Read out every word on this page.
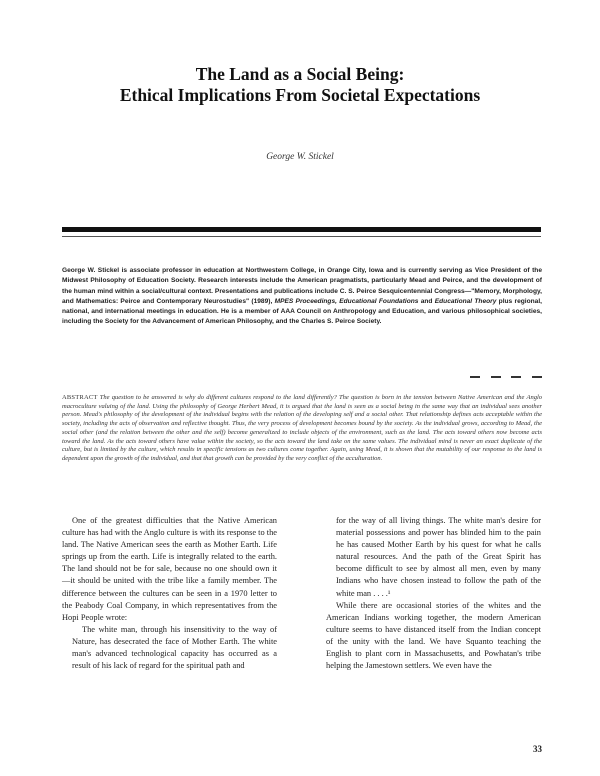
The Land as a Social Being:
Ethical Implications From Societal Expectations

George W. Stickel

George W. Stickel is associate professor in education at Northwestern College, in Orange City, Iowa and is currently serving as Vice President of the Midwest Philosophy of Education Society. Research interests include the American pragmatists, particularly Mead and Peirce, and the development of the human mind within a social/cultural context. Presentations and publications include C. S. Peirce Sesquicentennial Congress—"Memory, Morphology, and Mathematics: Peirce and Contemporary Neurostudies" (1989), MPES Proceedings, Educational Foundations and Educational Theory plus regional, national, and international meetings in education. He is a member of AAA Council on Anthropology and Education, and various philosophical societies, including the Society for the Advancement of American Philosophy, and the Charles S. Peirce Society.

ABSTRACT The question to be answered is why do different cultures respond to the land differently? The question is born in the tension between Native American and the Anglo macroculture valuing of the land. Using the philosophy of George Herbert Mead, it is argued that the land is seen as a social being in the same way that an individual sees another person. Mead's philosophy of the development of the individual begins with the relation of the developing self and a social other. That relationship defines acts acceptable within the society, including the acts of observation and reflective thought. Thus, the very process of development becomes bound by the society. As the individual grows, according to Mead, the social other (and the relation between the other and the self) become generalized to include objects of the environment, such as the land. The acts toward others now become acts toward the land. As the acts toward others have value within the society, so the acts toward the land take on the same values. The individual mind is never an exact duplicate of the culture, but is limited by the culture, which results in specific tensions as two cultures come together. Again, using Mead, it is shown that the mutability of our response to the land is dependent upon the growth of the individual, and that that growth can be provided by the very conflict of the acculturation.

One of the greatest difficulties that the Native American culture has had with the Anglo culture is with its response to the land. The Native American sees the earth as Mother Earth. Life springs up from the earth. Life is integrally related to the earth. The land should not be for sale, because no one should own it—it should be united with the tribe like a family member. The difference between the cultures can be seen in a 1970 letter to the Peabody Coal Company, in which representatives from the Hopi People wrote:

The white man, through his insensitivity to the way of Nature, has desecrated the face of Mother Earth. The white man's advanced technological capacity has occurred as a result of his lack of regard for the spiritual path and

for the way of all living things. The white man's desire for material possessions and power has blinded him to the pain he has caused Mother Earth by his quest for what he calls natural resources. And the path of the Great Spirit has become difficult to see by almost all men, even by many Indians who have chosen instead to follow the path of the white man . . . .¹

While there are occasional stories of the whites and the American Indians working together, the modern American culture seems to have distanced itself from the Indian concept of the unity with the land. We have Squanto teaching the English to plant corn in Massachusetts, and Powhatan's tribe helping the Jamestown settlers. We even have the

33
